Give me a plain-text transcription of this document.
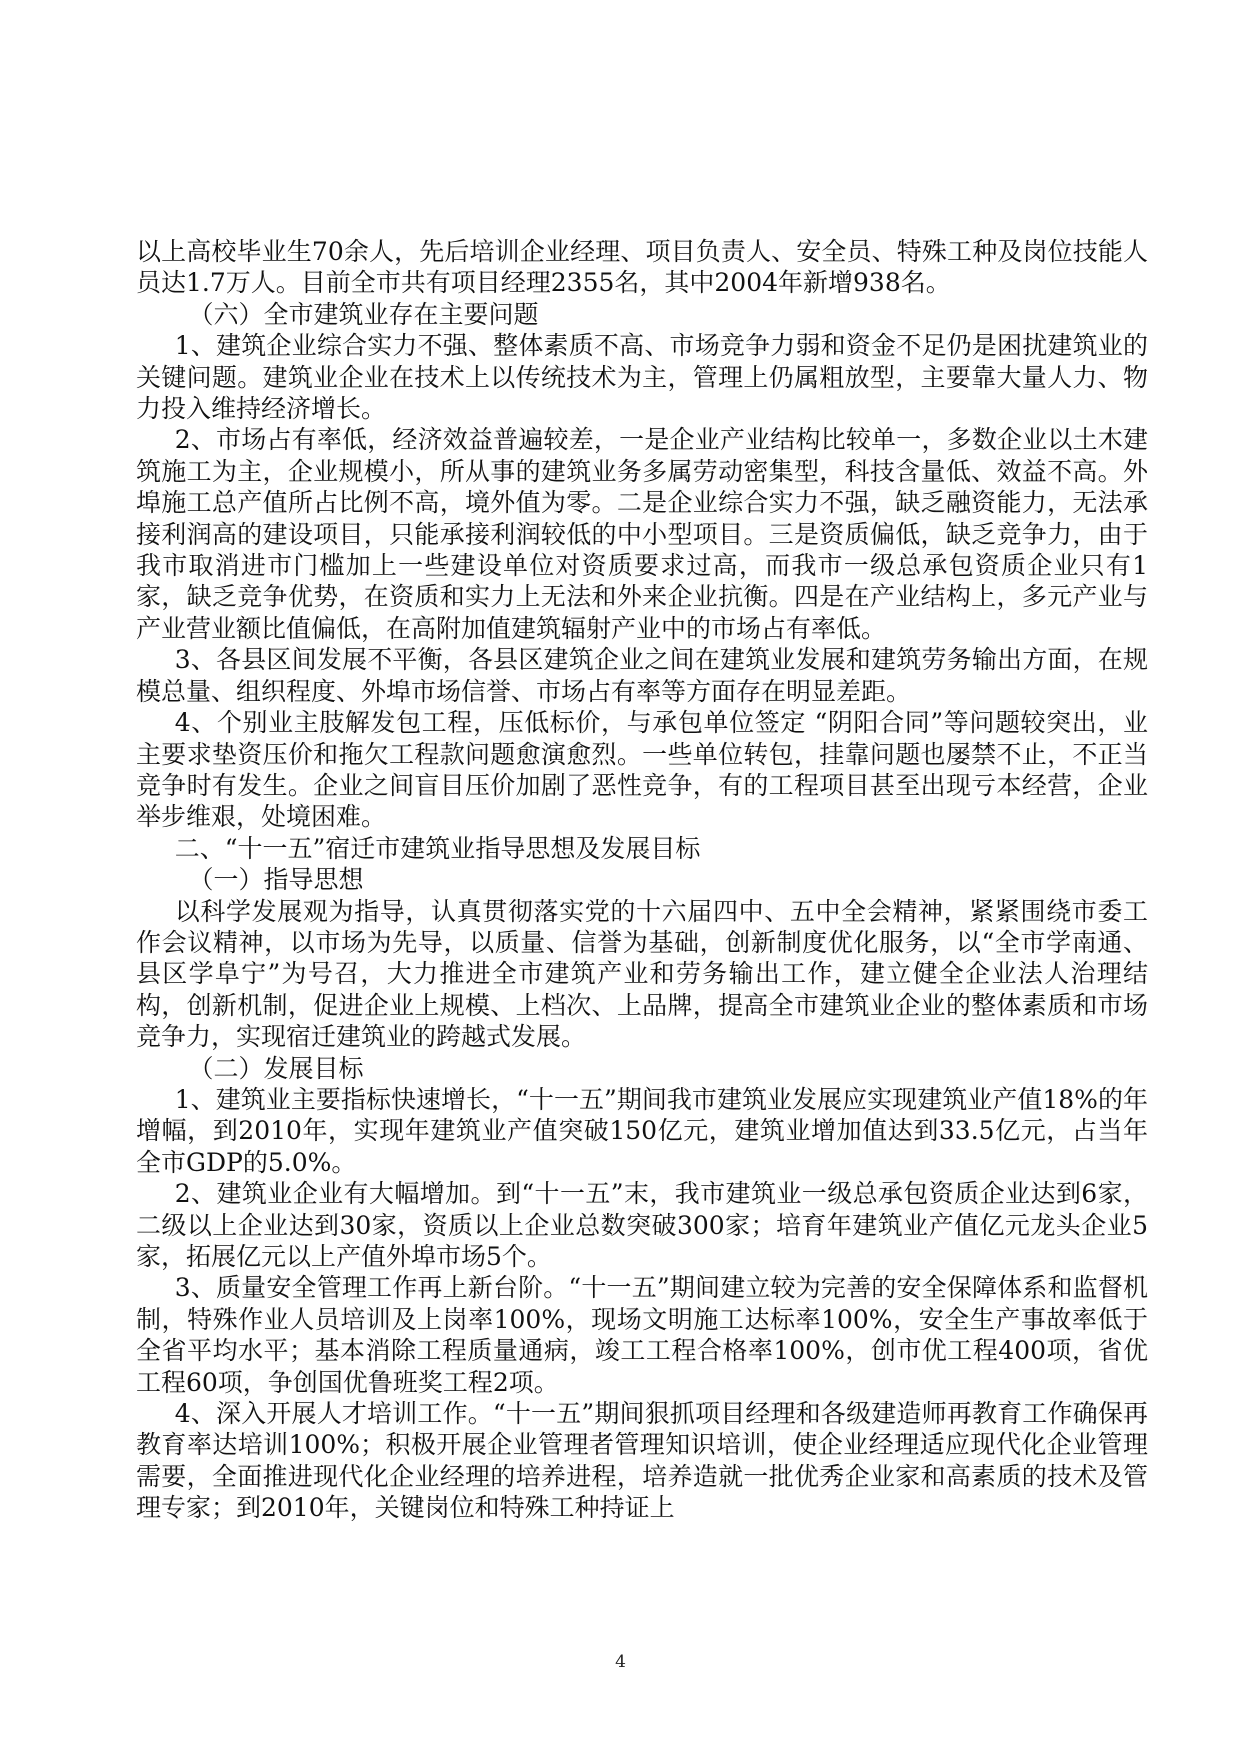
以上高校毕业生70余人，先后培训企业经理、项目负责人、安全员、特殊工种及岗位技能人员达1.7万人。目前全市共有项目经理2355名，其中2004年新增938名。

（六）全市建筑业存在主要问题

1、建筑企业综合实力不强、整体素质不高、市场竞争力弱和资金不足仍是困扰建筑业的关键问题。建筑业企业在技术上以传统技术为主，管理上仍属粗放型，主要靠大量人力、物力投入维持经济增长。

2、市场占有率低，经济效益普遍较差，一是企业产业结构比较单一，多数企业以土木建筑施工为主，企业规模小，所从事的建筑业务多属劳动密集型，科技含量低、效益不高。外埠施工总产值所占比例不高，境外值为零。二是企业综合实力不强，缺乏融资能力，无法承接利润高的建设项目，只能承接利润较低的中小型项目。三是资质偏低，缺乏竞争力，由于我市取消进市门槛加上一些建设单位对资质要求过高，而我市一级总承包资质企业只有1家，缺乏竞争优势，在资质和实力上无法和外来企业抗衡。四是在产业结构上，多元产业与产业营业额比值偏低，在高附加值建筑辐射产业中的市场占有率低。

3、各县区间发展不平衡，各县区建筑企业之间在建筑业发展和建筑劳务输出方面，在规模总量、组织程度、外埠市场信誉、市场占有率等方面存在明显差距。

4、个别业主肢解发包工程，压低标价，与承包单位签定 “阴阳合同”等问题较突出，业主要求垫资压价和拖欠工程款问题愈演愈烈。一些单位转包，挂靠问题也屡禁不止，不正当竞争时有发生。企业之间盲目压价加剧了恶性竞争，有的工程项目甚至出现亏本经营，企业举步维艰，处境困难。

二、“十一五”宿迁市建筑业指导思想及发展目标

（一）指导思想

以科学发展观为指导，认真贯彻落实党的十六届四中、五中全会精神，紧紧围绕市委工作会议精神，以市场为先导，以质量、信誉为基础，创新制度优化服务，以“全市学南通、县区学阜宁”为号召，大力推进全市建筑产业和劳务输出工作，建立健全企业法人治理结构，创新机制，促进企业上规模、上档次、上品牌，提高全市建筑业企业的整体素质和市场竞争力，实现宿迁建筑业的跨越式发展。

（二）发展目标

1、建筑业主要指标快速增长，“十一五”期间我市建筑业发展应实现建筑业产值18%的年增幅，到2010年，实现年建筑业产值突破150亿元，建筑业增加值达到33.5亿元，占当年全市GDP的5.0%。

2、建筑业企业有大幅增加。到“十一五”末，我市建筑业一级总承包资质企业达到6家，二级以上企业达到30家，资质以上企业总数突破300家；培育年建筑业产值亿元龙头企业5家，拓展亿元以上产值外埠市场5个。

3、质量安全管理工作再上新台阶。“十一五”期间建立较为完善的安全保障体系和监督机制，特殊作业人员培训及上岗率100%，现场文明施工达标率100%，安全生产事故率低于全省平均水平；基本消除工程质量通病，竣工工程合格率100%，创市优工程400项，省优工程60项，争创国优鲁班奖工程2项。

4、深入开展人才培训工作。“十一五”期间狠抓项目经理和各级建造师再教育工作确保再教育率达培训100%；积极开展企业管理者管理知识培训，使企业经理适应现代化企业管理需要，全面推进现代化企业经理的培养进程，培养造就一批优秀企业家和高素质的技术及管理专家；到2010年，关键岗位和特殊工种持证上

4
